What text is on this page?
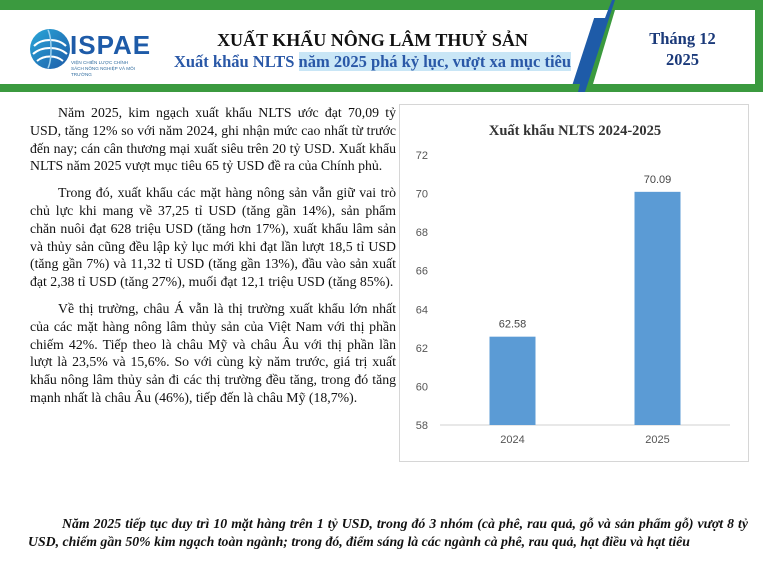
ISPAE
VIỆN CHIẾN LƯỢC CHÍNH SÁCH NÔNG NGHIỆP VÀ MÔI TRƯỜNG
XUẤT KHẨU NÔNG LÂM THUỶ SẢN
Xuất khẩu NLTS năm 2025 phá kỷ lục, vượt xa mục tiêu
Tháng 12
2025

Năm 2025, kim ngạch xuất khẩu NLTS ước đạt 70,09 tỷ USD, tăng 12% so với năm 2024, ghi nhận mức cao nhất từ trước đến nay; cán cân thương mại xuất siêu trên 20 tỷ USD. Xuất khẩu NLTS năm 2025 vượt mục tiêu 65 tỷ USD đề ra của Chính phủ.

Trong đó, xuất khẩu các mặt hàng nông sản vẫn giữ vai trò chủ lực khi mang về 37,25 tỉ USD (tăng gần 14%), sản phẩm chăn nuôi đạt 628 triệu USD (tăng hơn 17%), xuất khẩu lâm sản và thủy sản cũng đều lập kỷ lục mới khi đạt lần lượt 18,5 tỉ USD (tăng gần 7%) và 11,32 tỉ USD (tăng gần 13%), đầu vào sản xuất đạt 2,38 tỉ USD (tăng 27%), muối đạt 12,1 triệu USD (tăng 85%).

Về thị trường, châu Á vẫn là thị trường xuất khẩu lớn nhất của các mặt hàng nông lâm thủy sản của Việt Nam với thị phần chiếm 42%. Tiếp theo là châu Mỹ và châu Âu với thị phần lần lượt là 23,5% và 15,6%. So với cùng kỳ năm trước, giá trị xuất khẩu nông lâm thủy sản đi các thị trường đều tăng, trong đó tăng mạnh nhất là châu Âu (46%), tiếp đến là châu Mỹ (18,7%).

Xuất khẩu NLTS 2024-2025
58
60
62
64
66
68
70
72
62.58
2024
70.09
2025
Năm 2025 tiếp tục duy trì 10 mặt hàng trên 1 tỷ USD, trong đó 3 nhóm (cà phê, rau quả, gỗ và sản phẩm gỗ) vượt 8 tỷ USD, chiếm gần 50% kim ngạch toàn ngành; trong đó, điểm sáng là các ngành cà phê, rau quả, hạt điều và hạt tiêu
